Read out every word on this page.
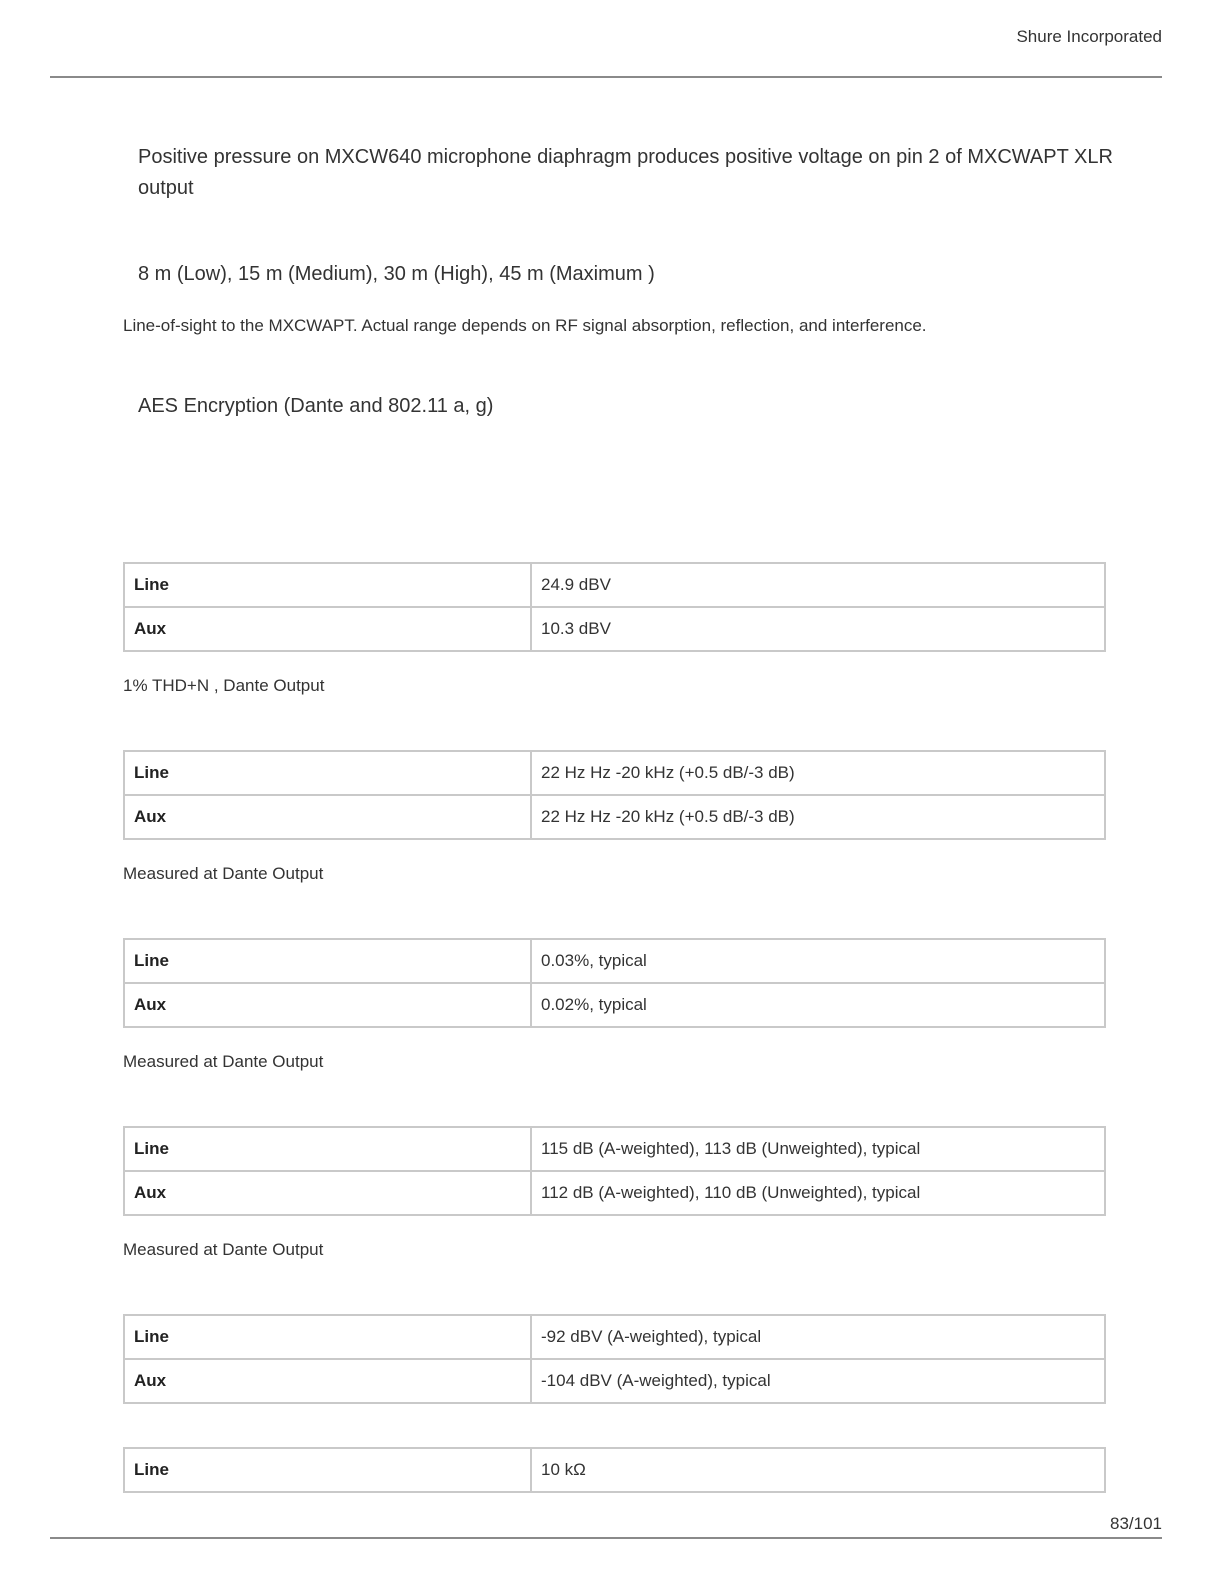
Shure Incorporated
Positive pressure on MXCW640 microphone diaphragm produces positive voltage on pin 2 of MXCWAPT XLR output
8 m (Low), 15 m (Medium), 30 m (High), 45 m (Maximum )
Line-of-sight to the MXCWAPT. Actual range depends on RF signal absorption, reflection, and interference.
AES Encryption (Dante and 802.11 a, g)
Line	24.9 dBV
Aux	10.3 dBV
1% THD+N , Dante Output
Line	22 Hz Hz -20 kHz (+0.5 dB/-3 dB)
Aux	22 Hz Hz -20 kHz (+0.5 dB/-3 dB)
Measured at Dante Output
Line	0.03%, typical
Aux	0.02%, typical
Measured at Dante Output
Line	115 dB (A-weighted), 113 dB (Unweighted), typical
Aux	112 dB (A-weighted), 110 dB (Unweighted), typical
Measured at Dante Output
Line	-92 dBV (A-weighted), typical
Aux	-104 dBV (A-weighted), typical
Line	10 kΩ
83/101
